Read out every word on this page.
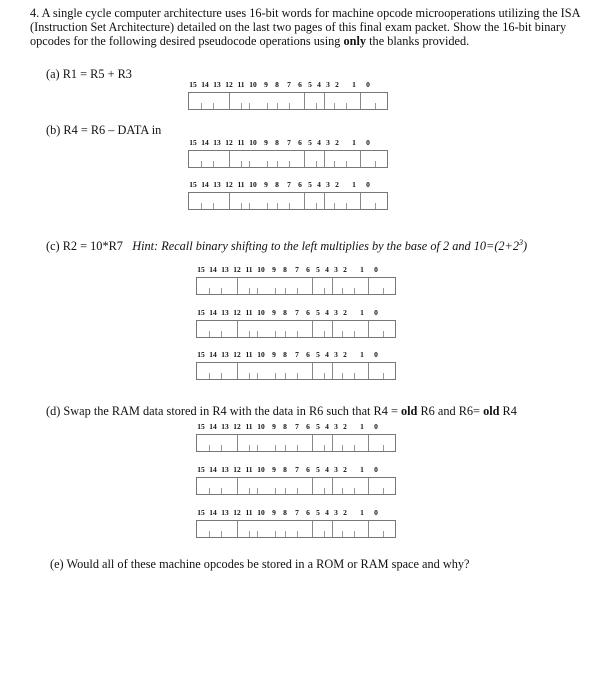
4. A single cycle computer architecture uses 16-bit words for machine opcode microoperations utilizing the ISA (Instruction Set Architecture) detailed on the last two pages of this final exam packet. Show the 16-bit binary opcodes for the following desired pseudocode operations using only the blanks provided.
(a) R1 = R5 + R3
15 14 13 12 11 10 9 8 7 6 5 4 3 2 1 0
(b) R4 = R6 – DATA in
15 14 13 12 11 10 9 8 7 6 5 4 3 2 1 0
15 14 13 12 11 10 9 8 7 6 5 4 3 2 1 0
(c) R2 = 10*R7 Hint: Recall binary shifting to the left multiplies by the base of 2 and $10=(2+2^3)$
15 14 13 12 11 10 9 8 7 6 5 4 3 2 1 0
15 14 13 12 11 10 9 8 7 6 5 4 3 2 1 0
15 14 13 12 11 10 9 8 7 6 5 4 3 2 1 0
(d) Swap the RAM data stored in R4 with the data in R6 such that R4 = old R6 and R6= old R4
15 14 13 12 11 10 9 8 7 6 5 4 3 2 1 0
15 14 13 12 11 10 9 8 7 6 5 4 3 2 1 0
15 14 13 12 11 10 9 8 7 6 5 4 3 2 1 0
(e) Would all of these machine opcodes be stored in a ROM or RAM space and why?
